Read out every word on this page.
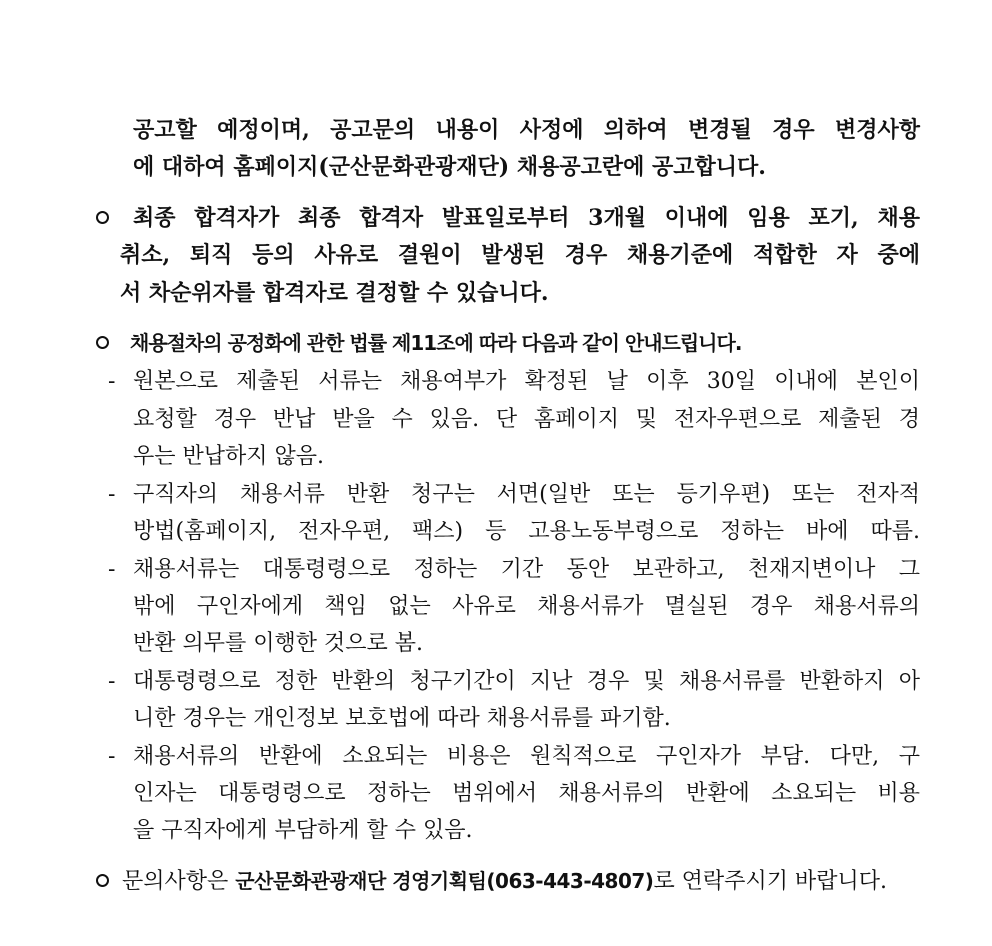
공고할 예정이며, 공고문의 내용이 사정에 의하여 변경될 경우 변경사항
에 대하여 홈페이지(군산문화관광재단) 채용공고란에 공고합니다.
최종 합격자가 최종 합격자 발표일로부터 3개월 이내에 임용 포기, 채용
취소, 퇴직 등의 사유로 결원이 발생된 경우 채용기준에 적합한 자 중에
서 차순위자를 합격자로 결정할 수 있습니다.
채용절차의 공정화에 관한 법률 제11조에 따라 다음과 같이 안내드립니다.
- 원본으로 제출된 서류는 채용여부가 확정된 날 이후 30일 이내에 본인이
요청할 경우 반납 받을 수 있음. 단 홈페이지 및 전자우편으로 제출된 경
우는 반납하지 않음.
- 구직자의 채용서류 반환 청구는 서면(일반 또는 등기우편) 또는 전자적
방법(홈페이지, 전자우편, 팩스) 등 고용노동부령으로 정하는 바에 따름.
- 채용서류는 대통령령으로 정하는 기간 동안 보관하고, 천재지변이나 그
밖에 구인자에게 책임 없는 사유로 채용서류가 멸실된 경우 채용서류의
반환 의무를 이행한 것으로 봄.
- 대통령령으로 정한 반환의 청구기간이 지난 경우 및 채용서류를 반환하지 아
니한 경우는 개인정보 보호법에 따라 채용서류를 파기함.
- 채용서류의 반환에 소요되는 비용은 원칙적으로 구인자가 부담. 다만, 구
인자는 대통령령으로 정하는 범위에서 채용서류의 반환에 소요되는 비용
을 구직자에게 부담하게 할 수 있음.
문의사항은 군산문화관광재단 경영기획팀(063-443-4807)로 연락주시기 바랍니다.
